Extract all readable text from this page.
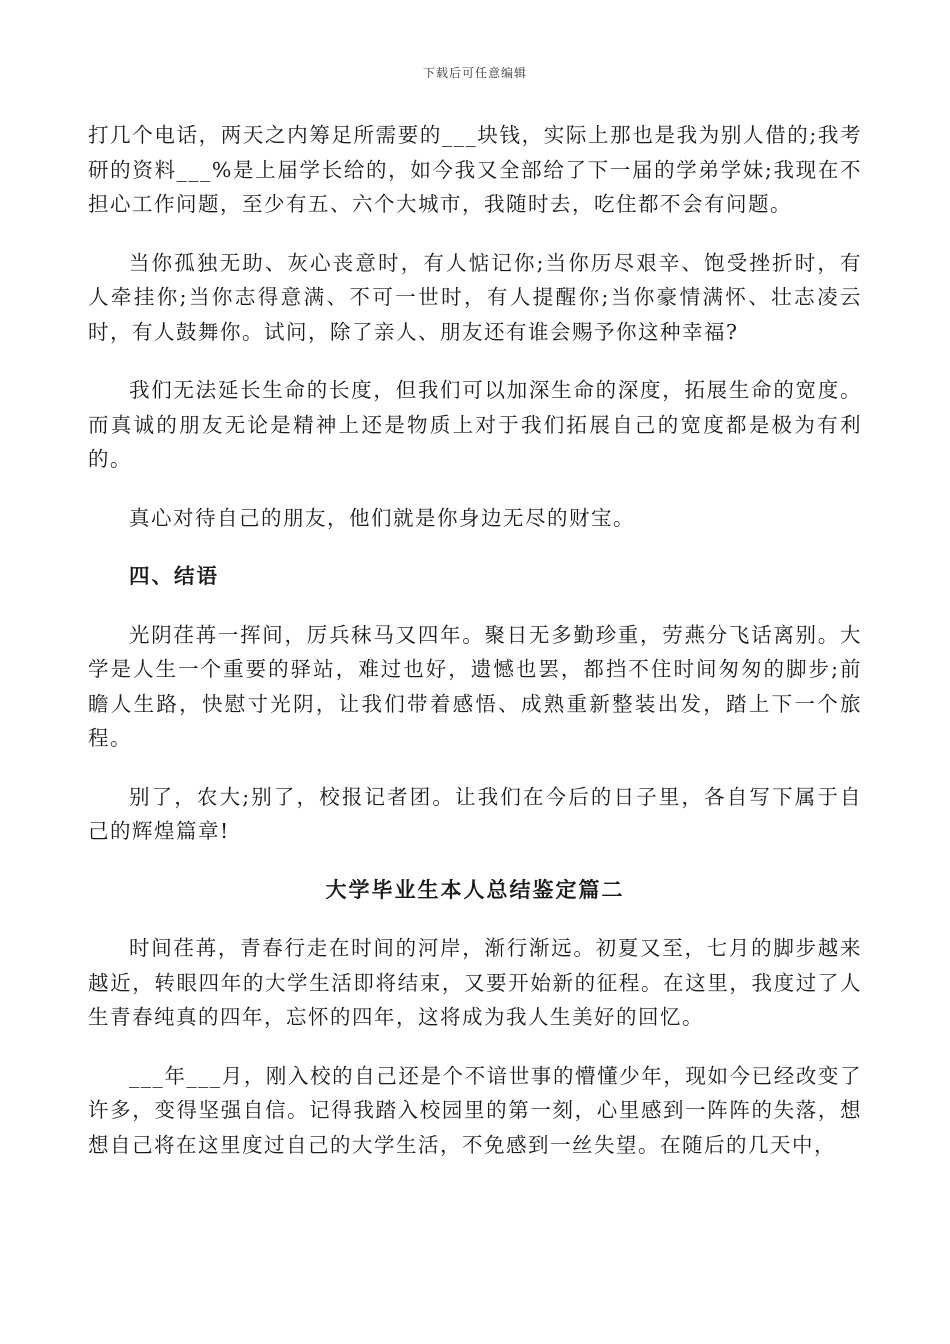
下载后可任意编辑

打几个电话，两天之内筹足所需要的___块钱，实际上那也是我为别人借的;我考研的资料___%是上届学长给的，如今我又全部给了下一届的学弟学妹;我现在不担心工作问题，至少有五、六个大城市，我随时去，吃住都不会有问题。

当你孤独无助、灰心丧意时，有人惦记你;当你历尽艰辛、饱受挫折时，有人牵挂你;当你志得意满、不可一世时，有人提醒你;当你豪情满怀、壮志凌云时，有人鼓舞你。试问，除了亲人、朋友还有谁会赐予你这种幸福?

我们无法延长生命的长度，但我们可以加深生命的深度，拓展生命的宽度。而真诚的朋友无论是精神上还是物质上对于我们拓展自己的宽度都是极为有利的。

真心对待自己的朋友，他们就是你身边无尽的财宝。

四、结语

光阴荏苒一挥间，厉兵秣马又四年。聚日无多勤珍重，劳燕分飞话离别。大学是人生一个重要的驿站，难过也好，遗憾也罢，都挡不住时间匆匆的脚步;前瞻人生路，快慰寸光阴，让我们带着感悟、成熟重新整装出发，踏上下一个旅程。

别了，农大;别了，校报记者团。让我们在今后的日子里，各自写下属于自己的辉煌篇章!

大学毕业生本人总结鉴定篇二

时间荏苒，青春行走在时间的河岸，渐行渐远。初夏又至，七月的脚步越来越近，转眼四年的大学生活即将结束，又要开始新的征程。在这里，我度过了人生青春纯真的四年，忘怀的四年，这将成为我人生美好的回忆。

___年___月，刚入校的自己还是个不谙世事的懵懂少年，现如今已经改变了许多，变得坚强自信。记得我踏入校园里的第一刻，心里感到一阵阵的失落，想想自己将在这里度过自己的大学生活，不免感到一丝失望。在随后的几天中，
